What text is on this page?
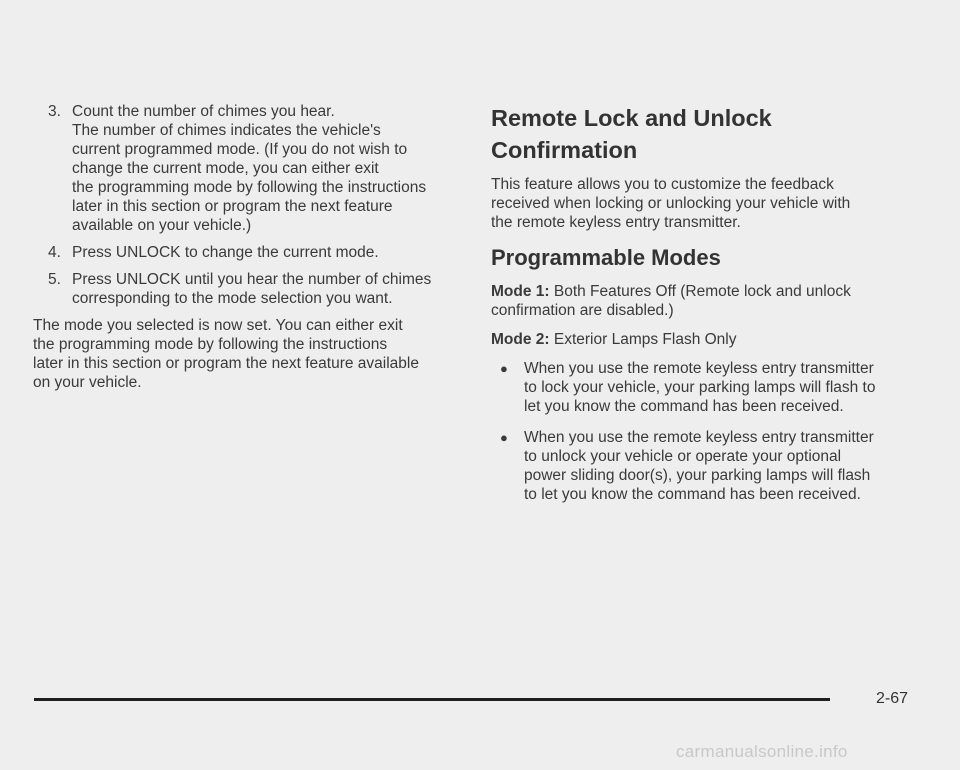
3. Count the number of chimes you hear.
The number of chimes indicates the vehicle's
current programmed mode. (If you do not wish to
change the current mode, you can either exit
the programming mode by following the instructions
later in this section or program the next feature
available on your vehicle.)
4. Press UNLOCK to change the current mode.
5. Press UNLOCK until you hear the number of chimes
corresponding to the mode selection you want.

The mode you selected is now set. You can either exit
the programming mode by following the instructions
later in this section or program the next feature available
on your vehicle.

Remote Lock and Unlock
Confirmation

This feature allows you to customize the feedback
received when locking or unlocking your vehicle with
the remote keyless entry transmitter.

Programmable Modes
Mode 1: Both Features Off (Remote lock and unlock
confirmation are disabled.)
Mode 2: Exterior Lamps Flash Only
● When you use the remote keyless entry transmitter
to lock your vehicle, your parking lamps will flash to
let you know the command has been received.
● When you use the remote keyless entry transmitter
to unlock your vehicle or operate your optional
power sliding door(s), your parking lamps will flash
to let you know the command has been received.
2-67
carmanualsonline.info
